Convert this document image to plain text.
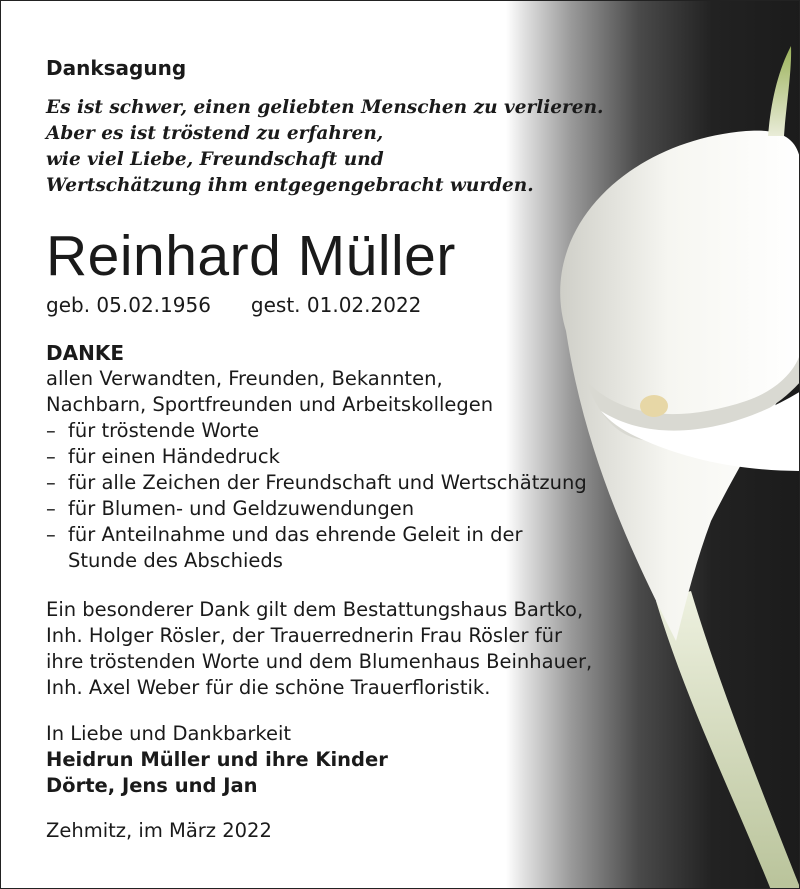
Danksagung
Es ist schwer, einen geliebten Menschen zu verlieren.
Aber es ist tröstend zu erfahren,
wie viel Liebe, Freundschaft und
Wertschätzung ihm entgegengebracht wurden.
Reinhard Müller
geb. 05.02.1956 gest. 01.02.2022
DANKE
allen Verwandten, Freunden, Bekannten,
Nachbarn, Sportfreunden und Arbeitskollegen
– für tröstende Worte
– für einen Händedruck
– für alle Zeichen der Freundschaft und Wertschätzung
– für Blumen- und Geldzuwendungen
– für Anteilnahme und das ehrende Geleit in der
Stunde des Abschieds
Ein besonderer Dank gilt dem Bestattungshaus Bartko,
Inh. Holger Rösler, der Trauerrednerin Frau Rösler für
ihre tröstenden Worte und dem Blumenhaus Beinhauer,
Inh. Axel Weber für die schöne Trauerfloristik.
In Liebe und Dankbarkeit
Heidrun Müller und ihre Kinder
Dörte, Jens und Jan
Zehmitz, im März 2022
